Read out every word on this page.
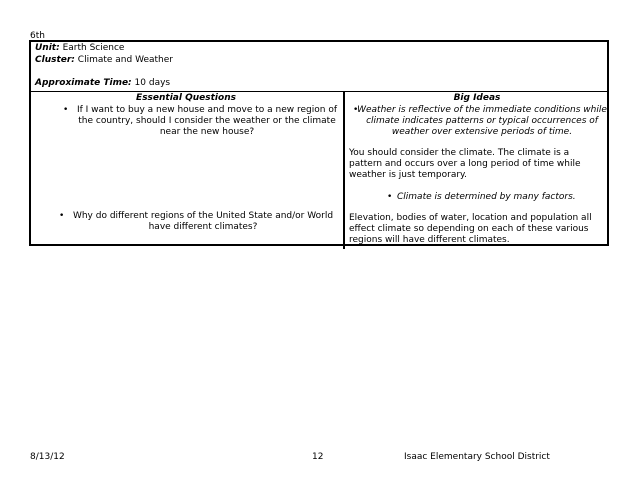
6th
Unit: Earth Science
Cluster: Climate and Weather
Approximate Time: 10 days
Essential Questions
• If I want to buy a new house and move to a new region of the country, should I consider the weather or the climate near the new house?
• Why do different regions of the United State and/or World have different climates?
Big Ideas
•
Weather is reflective of the immediate conditions while climate indicates patterns or typical occurrences of weather over extensive periods of time.
You should consider the climate. The climate is a pattern and occurs over a long period of time while weather is just temporary.
• Climate is determined by many factors.
Elevation, bodies of water, location and population all effect climate so depending on each of these various regions will have different climates.
8/13/12	12	Isaac Elementary School District
